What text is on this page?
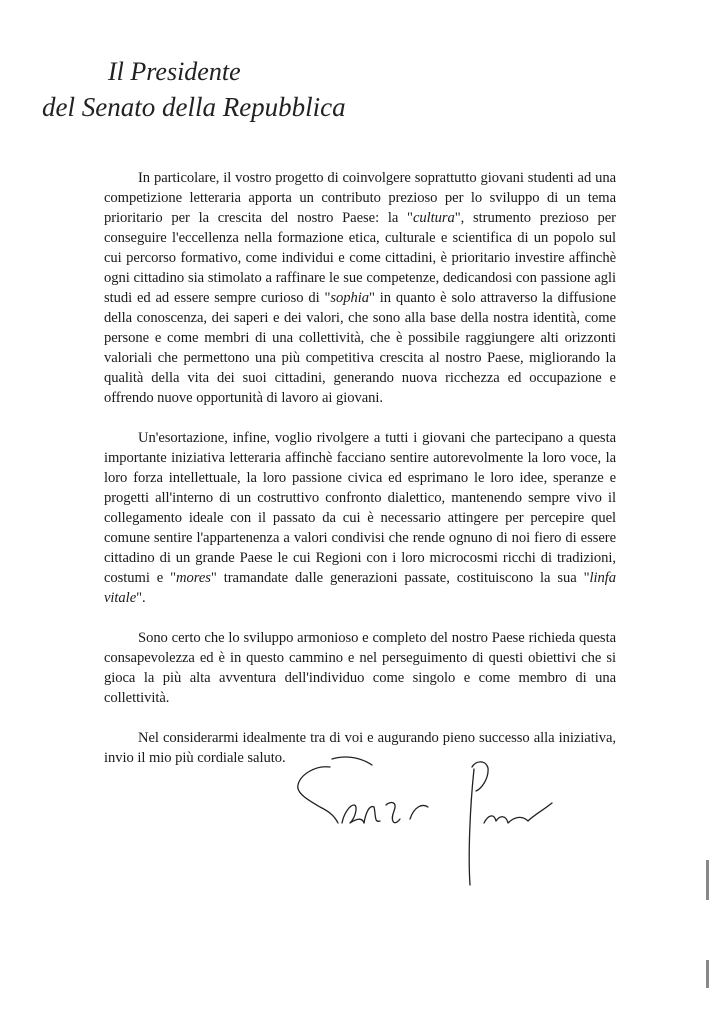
Il Presidente
del Senato della Repubblica

In particolare, il vostro progetto di coinvolgere soprattutto giovani studenti ad una competizione letteraria apporta un contributo prezioso per lo sviluppo di un tema prioritario per la crescita del nostro Paese: la "cultura", strumento prezioso per conseguire l'eccellenza nella formazione etica, culturale e scientifica di un popolo sul cui percorso formativo, come individui e come cittadini, è prioritario investire affinchè ogni cittadino sia stimolato a raffinare le sue competenze, dedicandosi con passione agli studi ed ad essere sempre curioso di "sophia" in quanto è solo attraverso la diffusione della conoscenza, dei saperi e dei valori, che sono alla base della nostra identità, come persone e come membri di una collettività, che è possibile raggiungere alti orizzonti valoriali che permettono una più competitiva crescita al nostro Paese, migliorando la qualità della vita dei suoi cittadini, generando nuova ricchezza ed occupazione e offrendo nuove opportunità di lavoro ai giovani.

Un'esortazione, infine, voglio rivolgere a tutti i giovani che partecipano a questa importante iniziativa letteraria affinchè facciano sentire autorevolmente la loro voce, la loro forza intellettuale, la loro passione civica ed esprimano le loro idee, speranze e progetti all'interno di un costruttivo confronto dialettico, mantenendo sempre vivo il collegamento ideale con il passato da cui è necessario attingere per percepire quel comune sentire l'appartenenza a valori condivisi che rende ognuno di noi fiero di essere cittadino di un grande Paese le cui Regioni con i loro microcosmi ricchi di tradizioni, costumi e "mores" tramandate dalle generazioni passate, costituiscono la sua "linfa vitale".

Sono certo che lo sviluppo armonioso e completo del nostro Paese richieda questa consapevolezza ed è in questo cammino e nel perseguimento di questi obiettivi che si gioca la più alta avventura dell'individuo come singolo e come membro di una collettività.

Nel considerarmi idealmente tra di voi e augurando pieno successo alla iniziativa, invio il mio più cordiale saluto.
